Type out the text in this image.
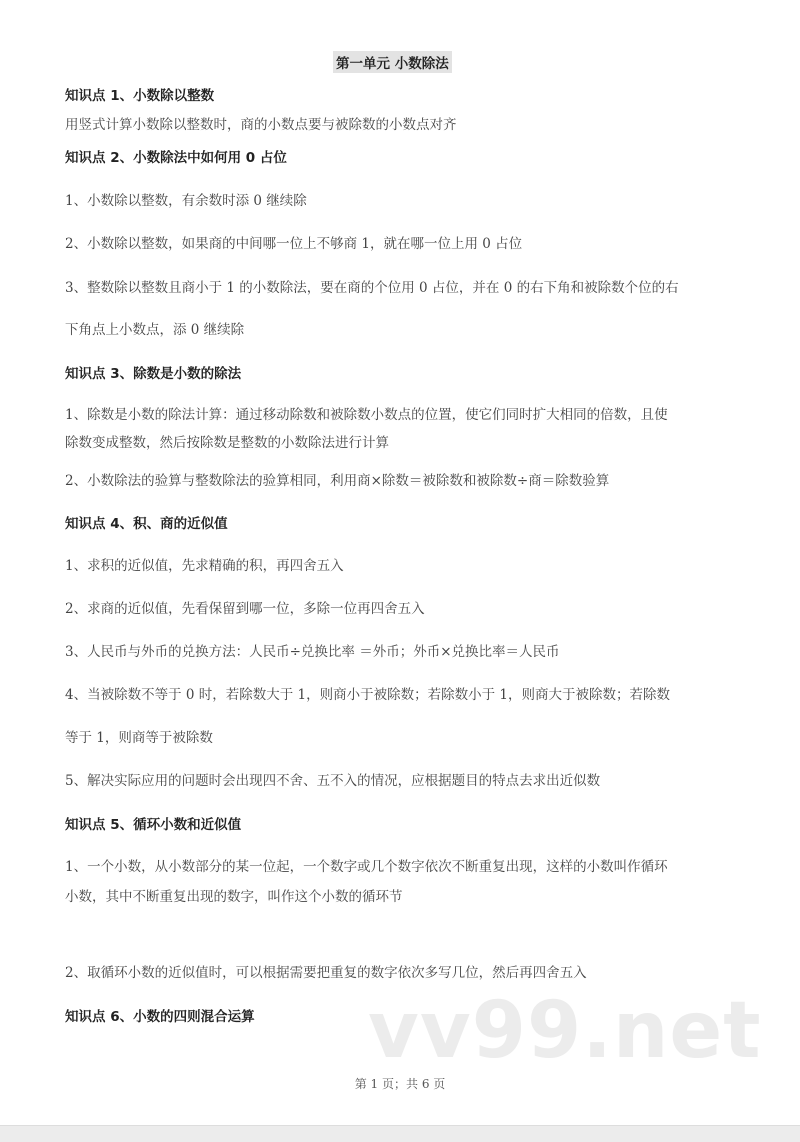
第一单元 小数除法
知识点 1、小数除以整数
用竖式计算小数除以整数时，商的小数点要与被除数的小数点对齐
知识点 2、小数除法中如何用 0 占位
1、小数除以整数，有余数时添 0 继续除
2、小数除以整数，如果商的中间哪一位上不够商 1，就在哪一位上用 0 占位
3、整数除以整数且商小于 1 的小数除法，要在商的个位用 0 占位，并在 0 的右下角和被除数个位的右
下角点上小数点，添 0 继续除
知识点 3、除数是小数的除法
1、除数是小数的除法计算：通过移动除数和被除数小数点的位置，使它们同时扩大相同的倍数，且使
除数变成整数，然后按除数是整数的小数除法进行计算
2、小数除法的验算与整数除法的验算相同，利用商×除数＝被除数和被除数÷商＝除数验算
知识点 4、积、商的近似值
1、求积的近似值，先求精确的积，再四舍五入
2、求商的近似值，先看保留到哪一位，多除一位再四舍五入
3、人民币与外币的兑换方法：人民币÷兑换比率 ＝外币；外币×兑换比率＝人民币
4、当被除数不等于 0 时，若除数大于 1，则商小于被除数；若除数小于 1，则商大于被除数；若除数
等于 1，则商等于被除数
5、解决实际应用的问题时会出现四不舍、五不入的情况，应根据题目的特点去求出近似数
知识点 5、循环小数和近似值
1、一个小数，从小数部分的某一位起，一个数字或几个数字依次不断重复出现，这样的小数叫作循环
小数，其中不断重复出现的数字，叫作这个小数的循环节
2、取循环小数的近似值时，可以根据需要把重复的数字依次多写几位，然后再四舍五入
知识点 6、小数的四则混合运算 vv99.net
第 1 页；共 6 页
